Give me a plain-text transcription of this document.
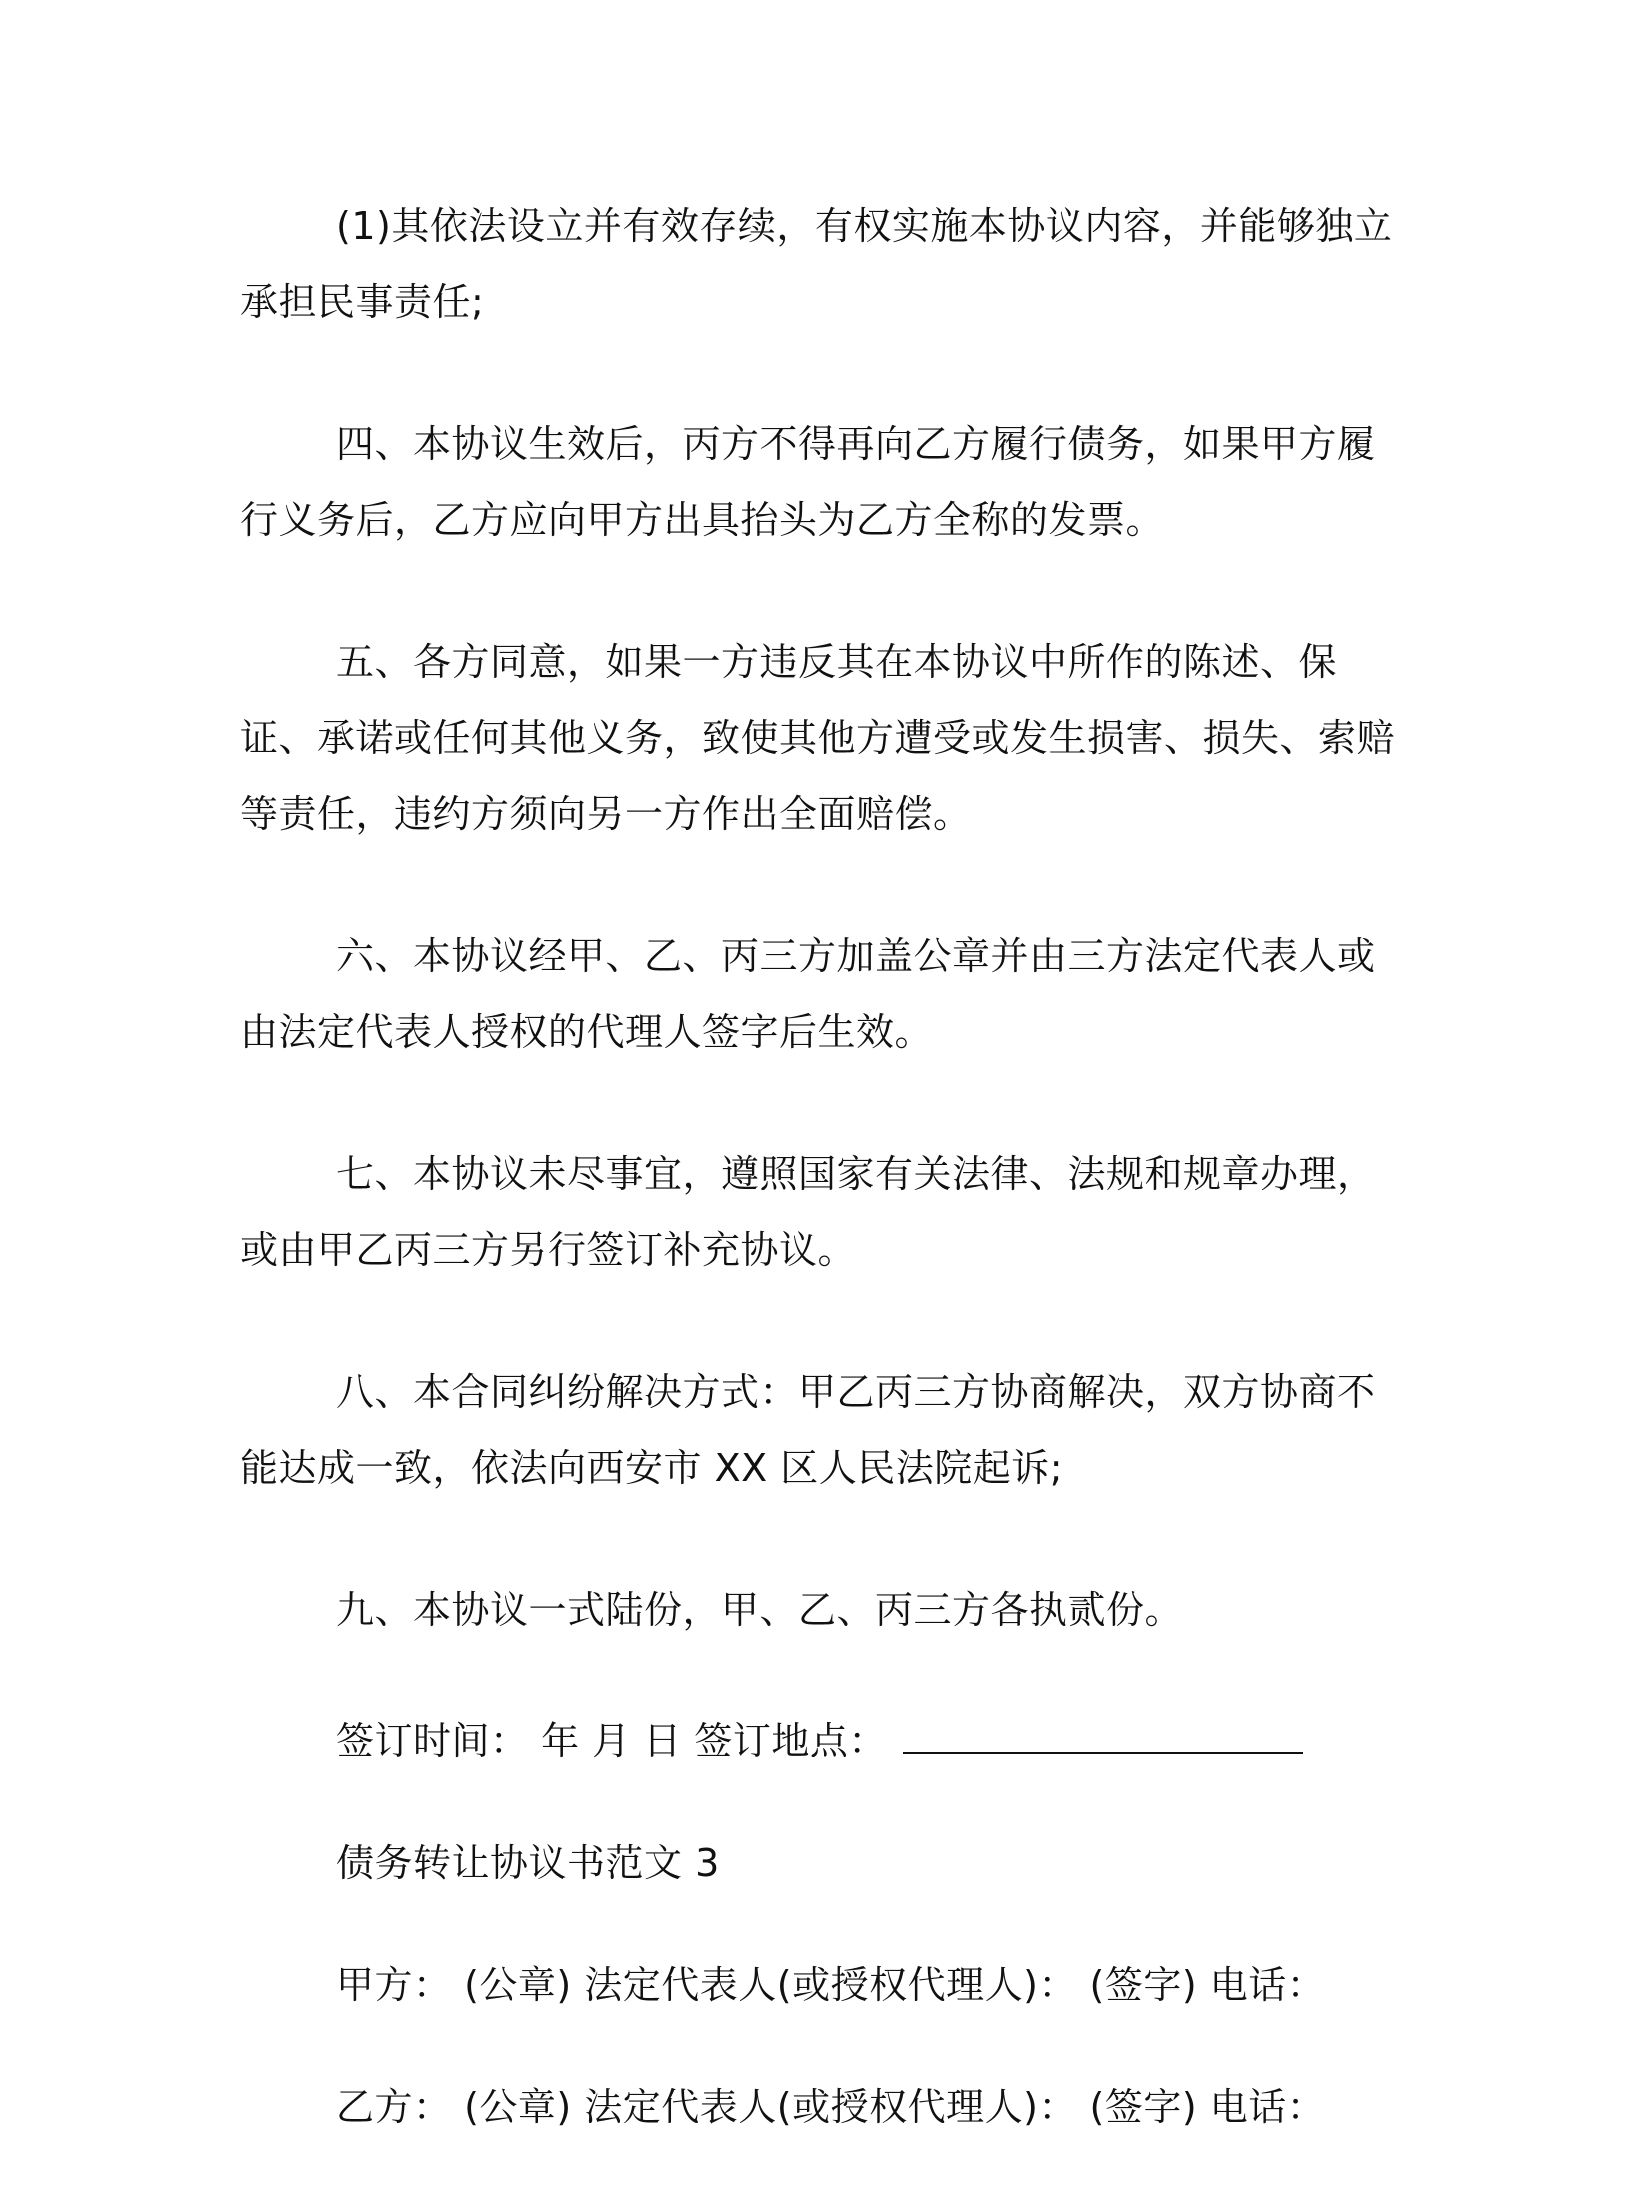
(1)其依法设立并有效存续，有权实施本协议内容，并能够独立承担民事责任;

四、本协议生效后，丙方不得再向乙方履行债务，如果甲方履行义务后，乙方应向甲方出具抬头为乙方全称的发票。

五、各方同意，如果一方违反其在本协议中所作的陈述、保证、承诺或任何其他义务，致使其他方遭受或发生损害、损失、索赔等责任，违约方须向另一方作出全面赔偿。

六、本协议经甲、乙、丙三方加盖公章并由三方法定代表人或由法定代表人授权的代理人签字后生效。

七、本协议未尽事宜，遵照国家有关法律、法规和规章办理，或由甲乙丙三方另行签订补充协议。

八、本合同纠纷解决方式：甲乙丙三方协商解决，双方协商不能达成一致，依法向西安市 XX 区人民法院起诉;

九、本协议一式陆份，甲、乙、丙三方各执贰份。

签订时间： 年 月 日 签订地点：
债务转让协议书范文 3
甲方： (公章) 法定代表人(或授权代理人)： (签字) 电话：
乙方： (公章) 法定代表人(或授权代理人)： (签字) 电话：
